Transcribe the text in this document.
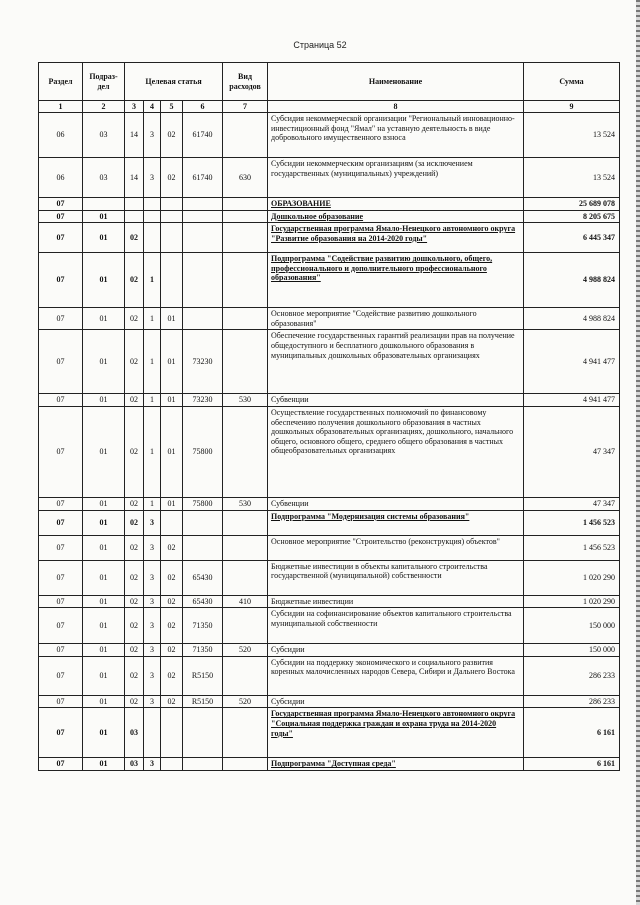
Страница 52
Раздел	Подраз-дел	Целевая статья				Вид расходов	Наименование	Сумма
1	2	3	4	5	6	7	8	9
06	03	14	3	02	61740		Субсидия некоммерческой организации "Региональный инновационно-инвестиционный фонд "Ямал" на уставную деятельность в виде добровольного имущественного взноса	13 524
06	03	14	3	02	61740	630	Субсидии некоммерческим организациям (за исключением государственных (муниципальных) учреждений)	13 524
07							ОБРАЗОВАНИЕ	25 689 078
07	01						Дошкольное образование	8 205 675
07	01	02					Государственная программа Ямало-Ненецкого автономного округа "Развитие образования на 2014-2020 годы"	6 445 347
07	01	02	1				Подпрограмма "Содействие развитию дошкольного, общего, профессионального и дополнительного профессионального образования"	4 988 824
07	01	02	1	01			Основное мероприятие "Содействие развитию дошкольного образования"	4 988 824
07	01	02	1	01	73230		Обеспечение государственных гарантий реализации прав на получение общедоступного и бесплатного дошкольного образования в муниципальных дошкольных образовательных организациях	4 941 477
07	01	02	1	01	73230	530	Субвенции	4 941 477
07	01	02	1	01	75800		Осуществление государственных полномочий по финансовому обеспечению получения дошкольного образования в частных дошкольных образовательных организациях, дошкольного, начального общего, основного общего, среднего общего образования в частных общеобразовательных организациях	47 347
07	01	02	1	01	75800	530	Субвенции	47 347
07	01	02	3				Подпрограмма "Модернизация системы образования"	1 456 523
07	01	02	3	02			Основное мероприятие "Строительство (реконструкция) объектов"	1 456 523
07	01	02	3	02	65430		Бюджетные инвестиции в объекты капитального строительства государственной (муниципальной) собственности	1 020 290
07	01	02	3	02	65430	410	Бюджетные инвестиции	1 020 290
07	01	02	3	02	71350		Субсидии на софинансирование объектов капитального строительства муниципальной собственности	150 000
07	01	02	3	02	71350	520	Субсидии	150 000
07	01	02	3	02	R5150		Субсидии на поддержку экономического и социального развития коренных малочисленных народов Севера, Сибири и Дальнего Востока	286 233
07	01	02	3	02	R5150	520	Субсидии	286 233
07	01	03					Государственная программа Ямало-Ненецкого автономного округа "Социальная поддержка граждан и охрана труда на 2014-2020 годы"	6 161
07	01	03	3				Подпрограмма "Доступная среда"	6 161
